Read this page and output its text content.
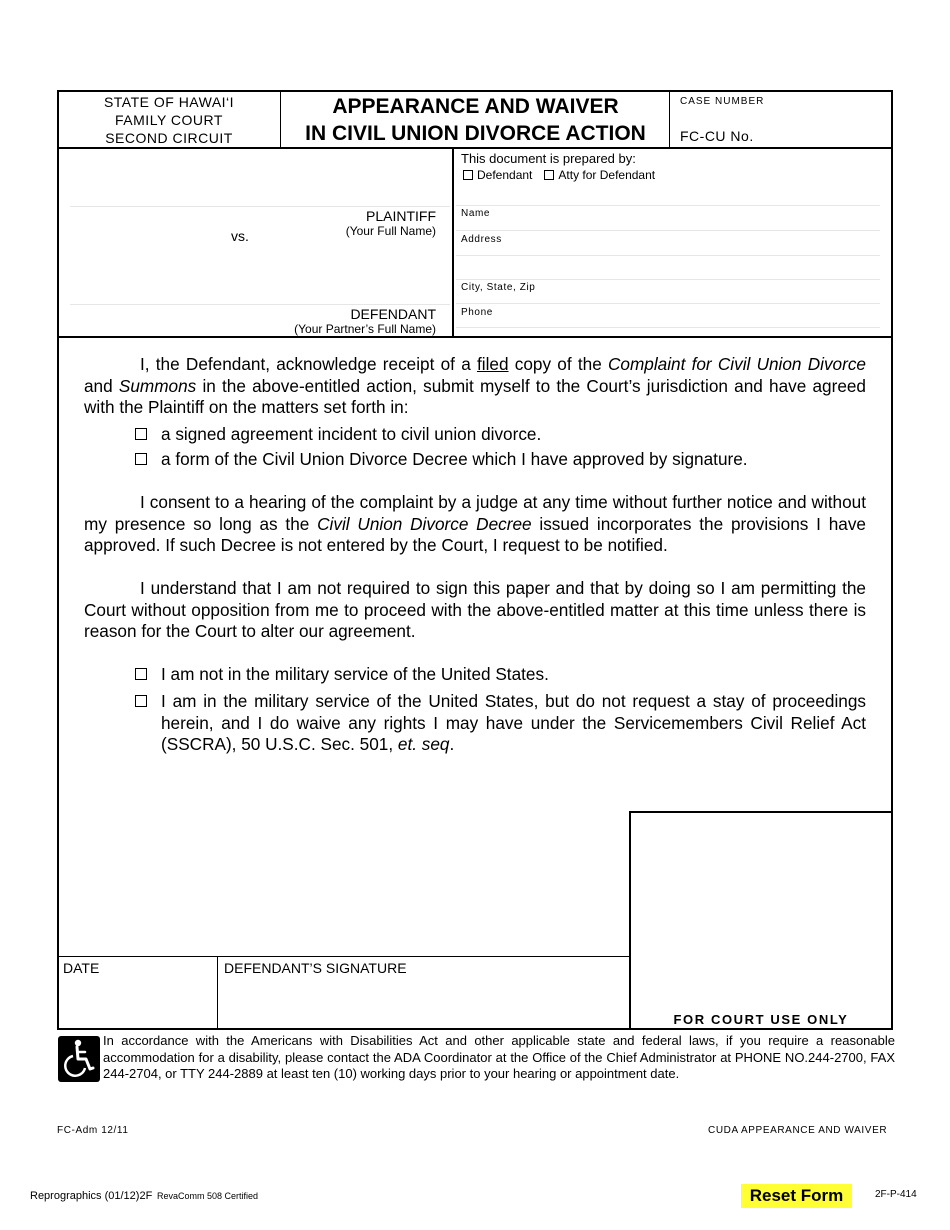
STATE OF HAWAI‘I
FAMILY COURT
SECOND CIRCUIT
APPEARANCE AND WAIVER
IN CIVIL UNION DIVORCE ACTION
CASE NUMBER
FC-CU No.
PLAINTIFF
(Your Full Name)
vs.
DEFENDANT
(Your Partner’s Full Name)
This document is prepared by:
Defendant Atty for Defendant
Name
Address
City, State, Zip
Phone
I, the Defendant, acknowledge receipt of a filed copy of the Complaint for Civil Union Divorce and Summons in the above-entitled action, submit myself to the Court’s jurisdiction and have agreed with the Plaintiff on the matters set forth in:
a signed agreement incident to civil union divorce.
a form of the Civil Union Divorce Decree which I have approved by signature.
I consent to a hearing of the complaint by a judge at any time without further notice and without my presence so long as the Civil Union Divorce Decree issued incorporates the provisions I have approved. If such Decree is not entered by the Court, I request to be notified.
I understand that I am not required to sign this paper and that by doing so I am permitting the Court without opposition from me to proceed with the above-entitled matter at this time unless there is reason for the Court to alter our agreement.
I am not in the military service of the United States.
I am in the military service of the United States, but do not request a stay of proceedings herein, and I do waive any rights I may have under the Servicemembers Civil Relief Act (SSCRA), 50 U.S.C. Sec. 501, et. seq.
DATE	DEFENDANT’S SIGNATURE
FOR COURT USE ONLY
In accordance with the Americans with Disabilities Act and other applicable state and federal laws, if you require a reasonable accommodation for a disability, please contact the ADA Coordinator at the Office of the Chief Administrator at PHONE NO.244-2700, FAX 244-2704, or TTY 244-2889 at least ten (10) working days prior to your hearing or appointment date.
FC-Adm 12/11	CUDA APPEARANCE AND WAIVER
Reprographics (01/12)2F RevaComm 508 Certified	Reset Form	2F-P-414
